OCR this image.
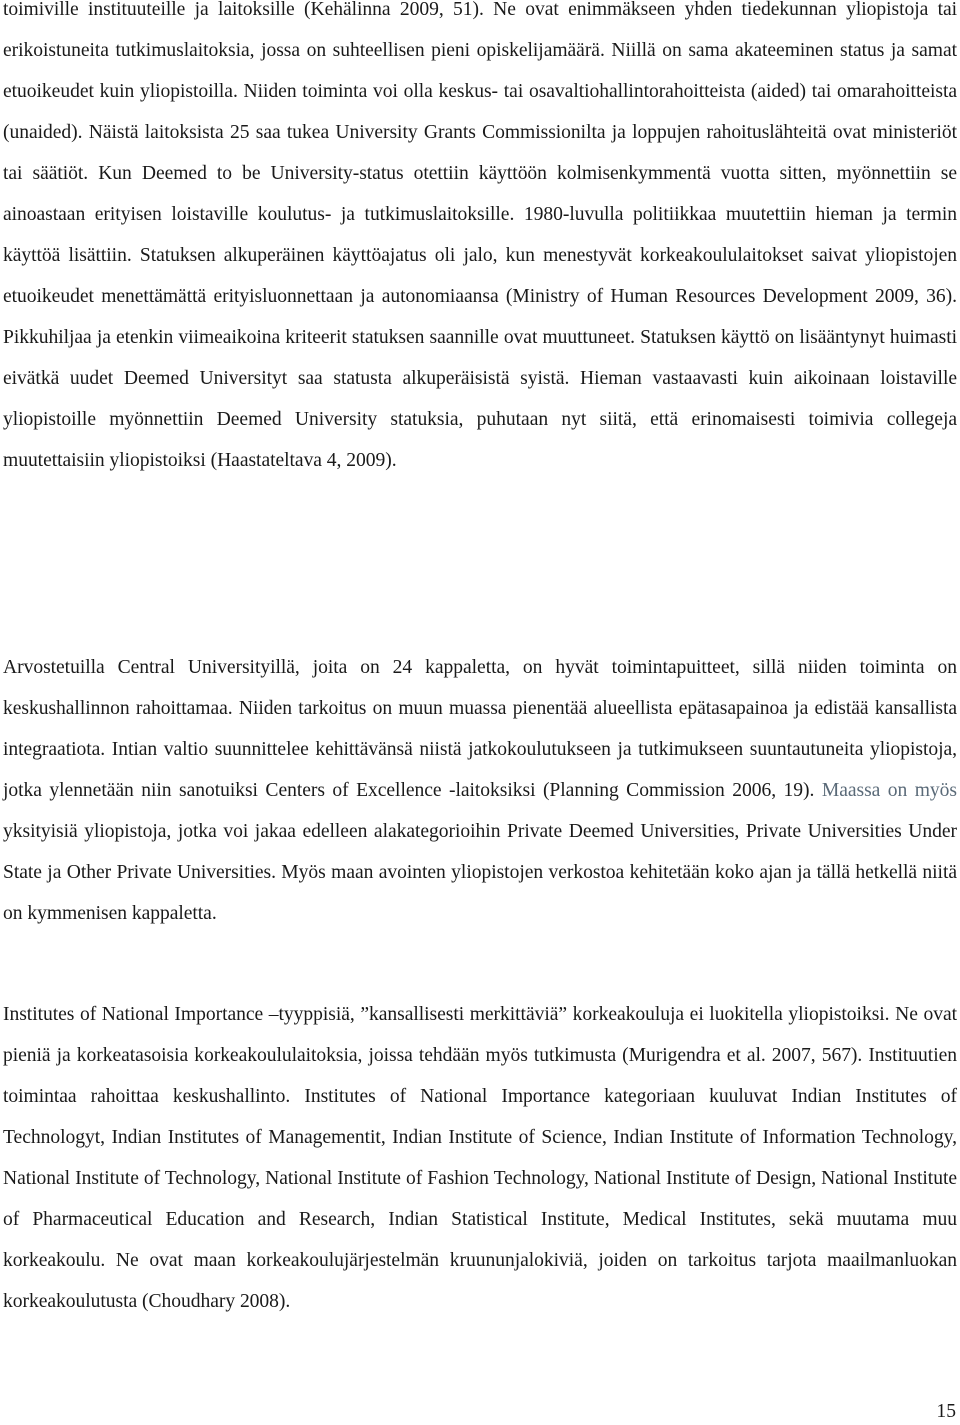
toimiville instituuteille ja laitoksille (Kehälinna 2009, 51). Ne ovat enimmäkseen yhden tiedekunnan yliopistoja tai erikoistuneita tutkimuslaitoksia, jossa on suhteellisen pieni opiskelijamäärä. Niillä on sama akateeminen status ja samat etuoikeudet kuin yliopistoilla. Niiden toiminta voi olla keskus- tai osavaltiohallintorahoitteista (aided) tai omarahoitteista (unaided). Näistä laitoksista 25 saa tukea University Grants Commissionilta ja loppujen rahoituslähteitä ovat ministeriöt tai säätiöt. Kun Deemed to be University-status otettiin käyttöön kolmisenkymmentä vuotta sitten, myönnettiin se ainoastaan erityisen loistaville koulutus- ja tutkimuslaitoksille. 1980-luvulla politiikkaa muutettiin hieman ja termin käyttöä lisättiin. Statuksen alkuperäinen käyttöajatus oli jalo, kun menestyvät korkeakoululaitokset saivat yliopistojen etuoikeudet menettämättä erityisluonnettaan ja autonomiaansa (Ministry of Human Resources Development 2009, 36). Pikkuhiljaa ja etenkin viimeaikoina kriteerit statuksen saannille ovat muuttuneet. Statuksen käyttö on lisääntynyt huimasti eivätkä uudet Deemed Universityt saa statusta alkuperäisistä syistä. Hieman vastaavasti kuin aikoinaan loistaville yliopistoille myönnettiin Deemed University statuksia, puhutaan nyt siitä, että erinomaisesti toimivia collegeja muutettaisiin yliopistoiksi (Haastateltava 4, 2009).

Arvostetuilla Central Universityillä, joita on 24 kappaletta, on hyvät toimintapuitteet, sillä niiden toiminta on keskushallinnon rahoittamaa. Niiden tarkoitus on muun muassa pienentää alueellista epätasapainoa ja edistää kansallista integraatiota. Intian valtio suunnittelee kehittävänsä niistä jatkokoulutukseen ja tutkimukseen suuntautuneita yliopistoja, jotka ylennetään niin sanotuiksi Centers of Excellence -laitoksiksi (Planning Commission 2006, 19). Maassa on myös yksityisiä yliopistoja, jotka voi jakaa edelleen alakategorioihin Private Deemed Universities, Private Universities Under State ja Other Private Universities. Myös maan avointen yliopistojen verkostoa kehitetään koko ajan ja tällä hetkellä niitä on kymmenisen kappaletta.

Institutes of National Importance –tyyppisiä, ”kansallisesti merkittäviä” korkeakouluja ei luokitella yliopistoiksi. Ne ovat pieniä ja korkeatasoisia korkeakoululaitoksia, joissa tehdään myös tutkimusta (Murigendra et al. 2007, 567). Instituutien toimintaa rahoittaa keskushallinto. Institutes of National Importance kategoriaan kuuluvat Indian Institutes of Technologyt, Indian Institutes of Managementit, Indian Institute of Science, Indian Institute of Information Technology, National Institute of Technology, National Institute of Fashion Technology, National Institute of Design, National Institute of Pharmaceutical Education and Research, Indian Statistical Institute, Medical Institutes, sekä muutama muu korkeakoulu. Ne ovat maan korkeakoulujärjestelmän kruununjalokiviä, joiden on tarkoitus tarjota maailmanluokan korkeakoulutusta (Choudhary 2008).

15
